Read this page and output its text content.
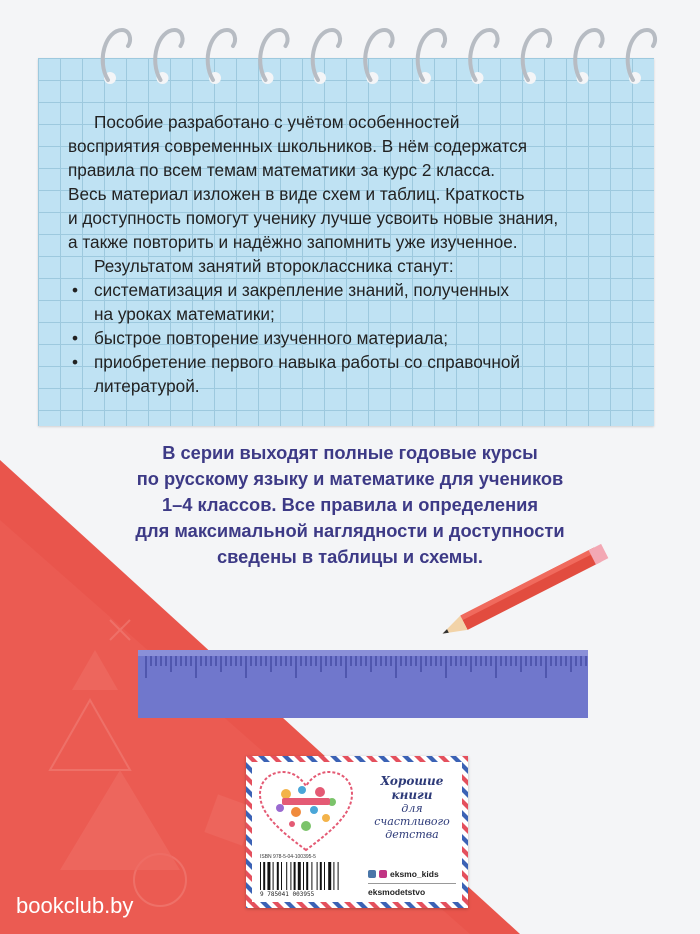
Пособие разработано с учётом особенностей

восприятия современных школьников. В нём содержатся

правила по всем темам математики за курс 2 класса.

Весь материал изложен в виде схем и таблиц. Краткость

и доступность помогут ученику лучше усвоить новые знания,

а также повторить и надёжно запомнить уже изученное.

Результатом занятий второклассника станут:

• систематизация и закрепление знаний, полученных
на уроках математики;
• быстрое повторение изученного материала;
• приобретение первого навыка работы со справочной
литературой.
В серии выходят полные годовые курсы
по русскому языку и математике для учеников
1–4 классов. Все правила и определения
для максимальной наглядности и доступности
сведены в таблицы и схемы.
Хорошие
книги
для счастливого
детства
ISBN 978-5-04-100395-5
9 785041 003955
eksmo_kids
eksmodetstvo
bookclub.by
